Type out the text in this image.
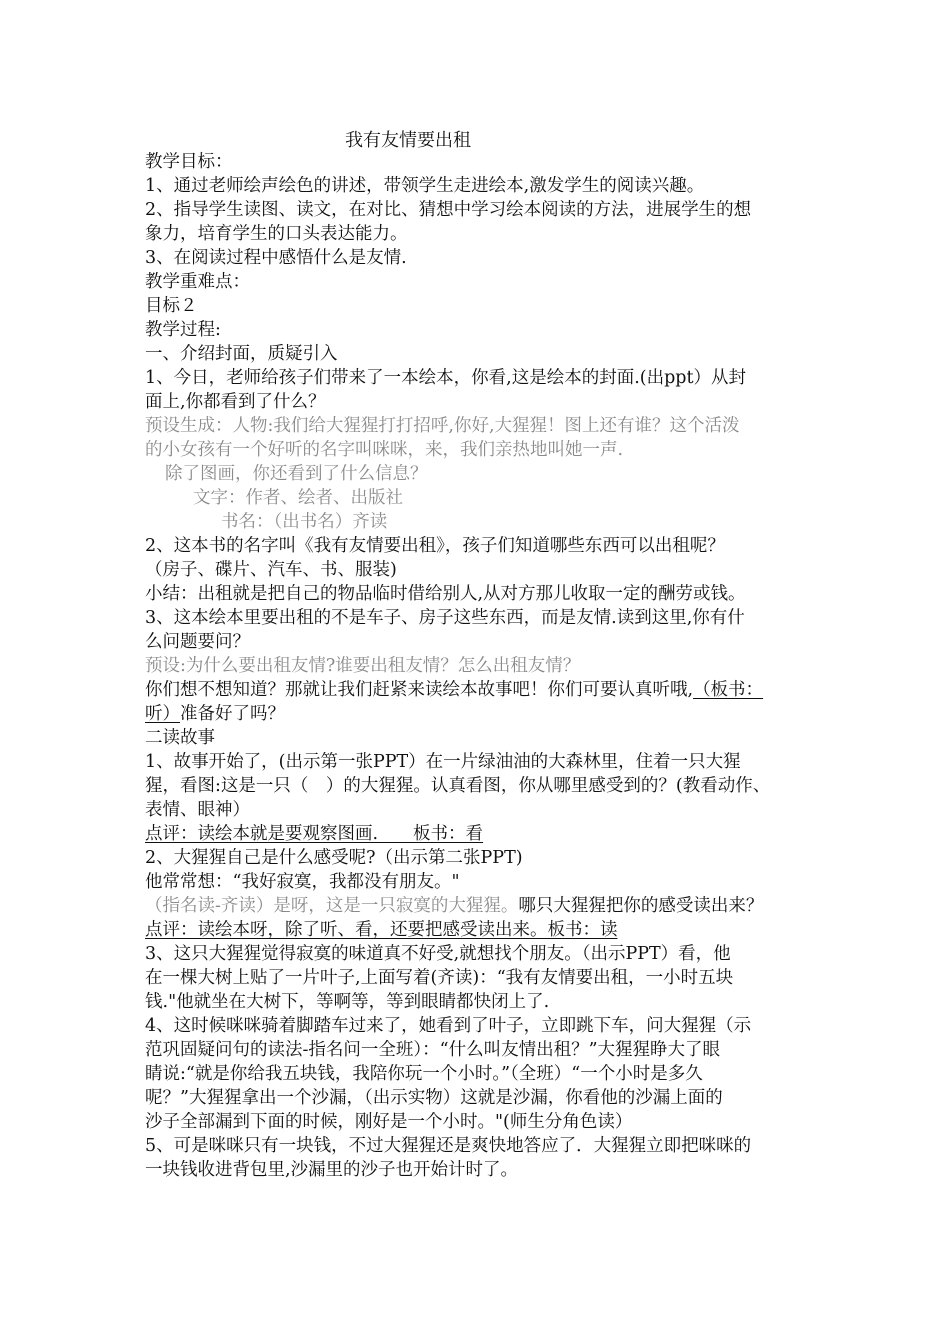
我有友情要出租
教学目标：
1、通过老师绘声绘色的讲述，带领学生走进绘本,激发学生的阅读兴趣。
2、指导学生读图、读文，在对比、猜想中学习绘本阅读的方法，进展学生的想
象力，培育学生的口头表达能力。
3、在阅读过程中感悟什么是友情.
教学重难点：
目标２
教学过程:
一、介绍封面，质疑引入
1、今日，老师给孩子们带来了一本绘本，你看,这是绘本的封面.(出ppt）从封
面上,你都看到了什么？
预设生成：人物:我们给大猩猩打打招呼,你好,大猩猩！图上还有谁？这个活泼
的小女孩有一个好听的名字叫咪咪，来，我们亲热地叫她一声.
除了图画，你还看到了什么信息？
文字：作者、绘者、出版社
书名：（出书名）齐读
2、这本书的名字叫《我有友情要出租》，孩子们知道哪些东西可以出租呢？
（房子、碟片、汽车、书、服装)
小结：出租就是把自己的物品临时借给别人,从对方那儿收取一定的酬劳或钱。
3、这本绘本里要出租的不是车子、房子这些东西，而是友情.读到这里,你有什
么问题要问？
预设:为什么要出租友情?谁要出租友情？怎么出租友情？
你们想不想知道？那就让我们赶紧来读绘本故事吧！你们可要认真听哦,（板书：
听）准备好了吗？
二读故事
1、故事开始了，(出示第一张PPT）在一片绿油油的大森林里，住着一只大猩
猩，看图:这是一只（　）的大猩猩。认真看图，你从哪里感受到的？(教看动作、
表情、眼神）
点评：读绘本就是要观察图画.　　板书：看
2、大猩猩自己是什么感受呢?（出示第二张PPT)
他常常想：“我好寂寞，我都没有朋友。"
（指名读-齐读）是呀，这是一只寂寞的大猩猩。哪只大猩猩把你的感受读出来？
点评：读绘本呀，除了听、看，还要把感受读出来。板书：读
3、这只大猩猩觉得寂寞的味道真不好受,就想找个朋友。（出示PPT）看，他
在一棵大树上贴了一片叶子,上面写着(齐读)：“我有友情要出租，一小时五块
钱."他就坐在大树下，等啊等，等到眼睛都快闭上了.
4、这时候咪咪骑着脚踏车过来了，她看到了叶子，立即跳下车，问大猩猩（示
范巩固疑问句的读法-指名问一全班）：“什么叫友情出租？”大猩猩睁大了眼
睛说:“就是你给我五块钱，我陪你玩一个小时。”（全班）“一个小时是多久
呢？”大猩猩拿出一个沙漏，（出示实物）这就是沙漏，你看他的沙漏上面的
沙子全部漏到下面的时候，刚好是一个小时。"(师生分角色读）
5、可是咪咪只有一块钱，不过大猩猩还是爽快地答应了．大猩猩立即把咪咪的
一块钱收进背包里,沙漏里的沙子也开始计时了。
